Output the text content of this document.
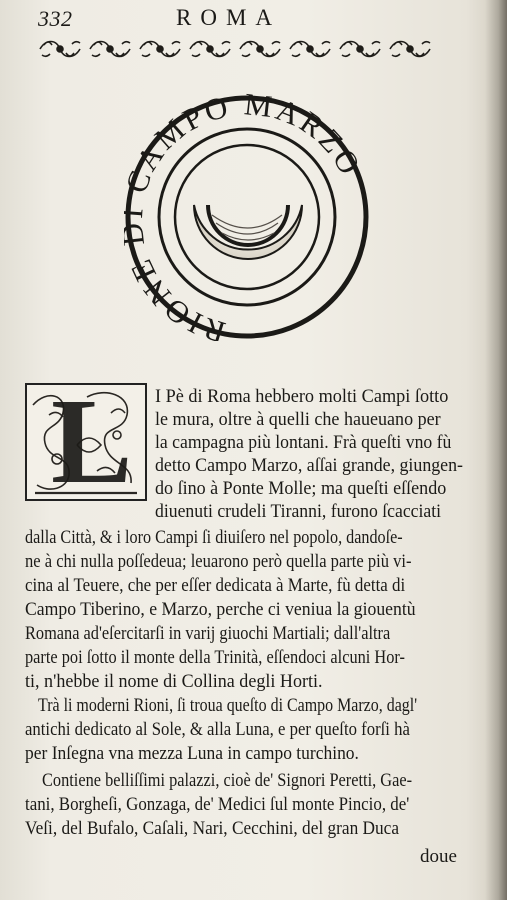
332	ROMA
RIONE AMPO MARZO
L I Pè di Roma hebbero molti Campi ſotto
le mura, oltre à quelli che haueuano per
la campagna più lontani. Frà queſti vno fù
detto Campo Marzo, aſſai grande, giungen-
do ſino à Ponte Molle; ma queſti eſſendo
diuenuti crudeli Tiranni, furono ſcacciati
dalla Città, & i loro Campi ſi diuiſero nel popolo, dandoſe-
ne à chi nulla poſſedeua; leuarono però quella parte più vi-
cina al Teuere, che per eſſer dedicata à Marte, fù detta di
Campo Tiberino, e Marzo, perche ci veniua la giouentù
Romana ad'eſercitarſi in varij giuochi Martiali; dall'altra
parte poi ſotto il monte della Trinità, eſſendoci alcuni Hor-
ti, n'hebbe il nome di Collina degli Horti.
Trà li moderni Rioni, ſi troua queſto di Campo Marzo, dagl'
antichi dedicato al Sole, & alla Luna, e per queſto forſi hà
per Inſegna vna mezza Luna in campo turchino.
Contiene belliſſimi palazzi, cioè de' Signori Peretti, Gae-
tani, Borgheſi, Gonzaga, de' Medici ſul monte Pincio, de'
Veſi, del Bufalo, Caſali, Nari, Cecchini, del gran Duca
doue
